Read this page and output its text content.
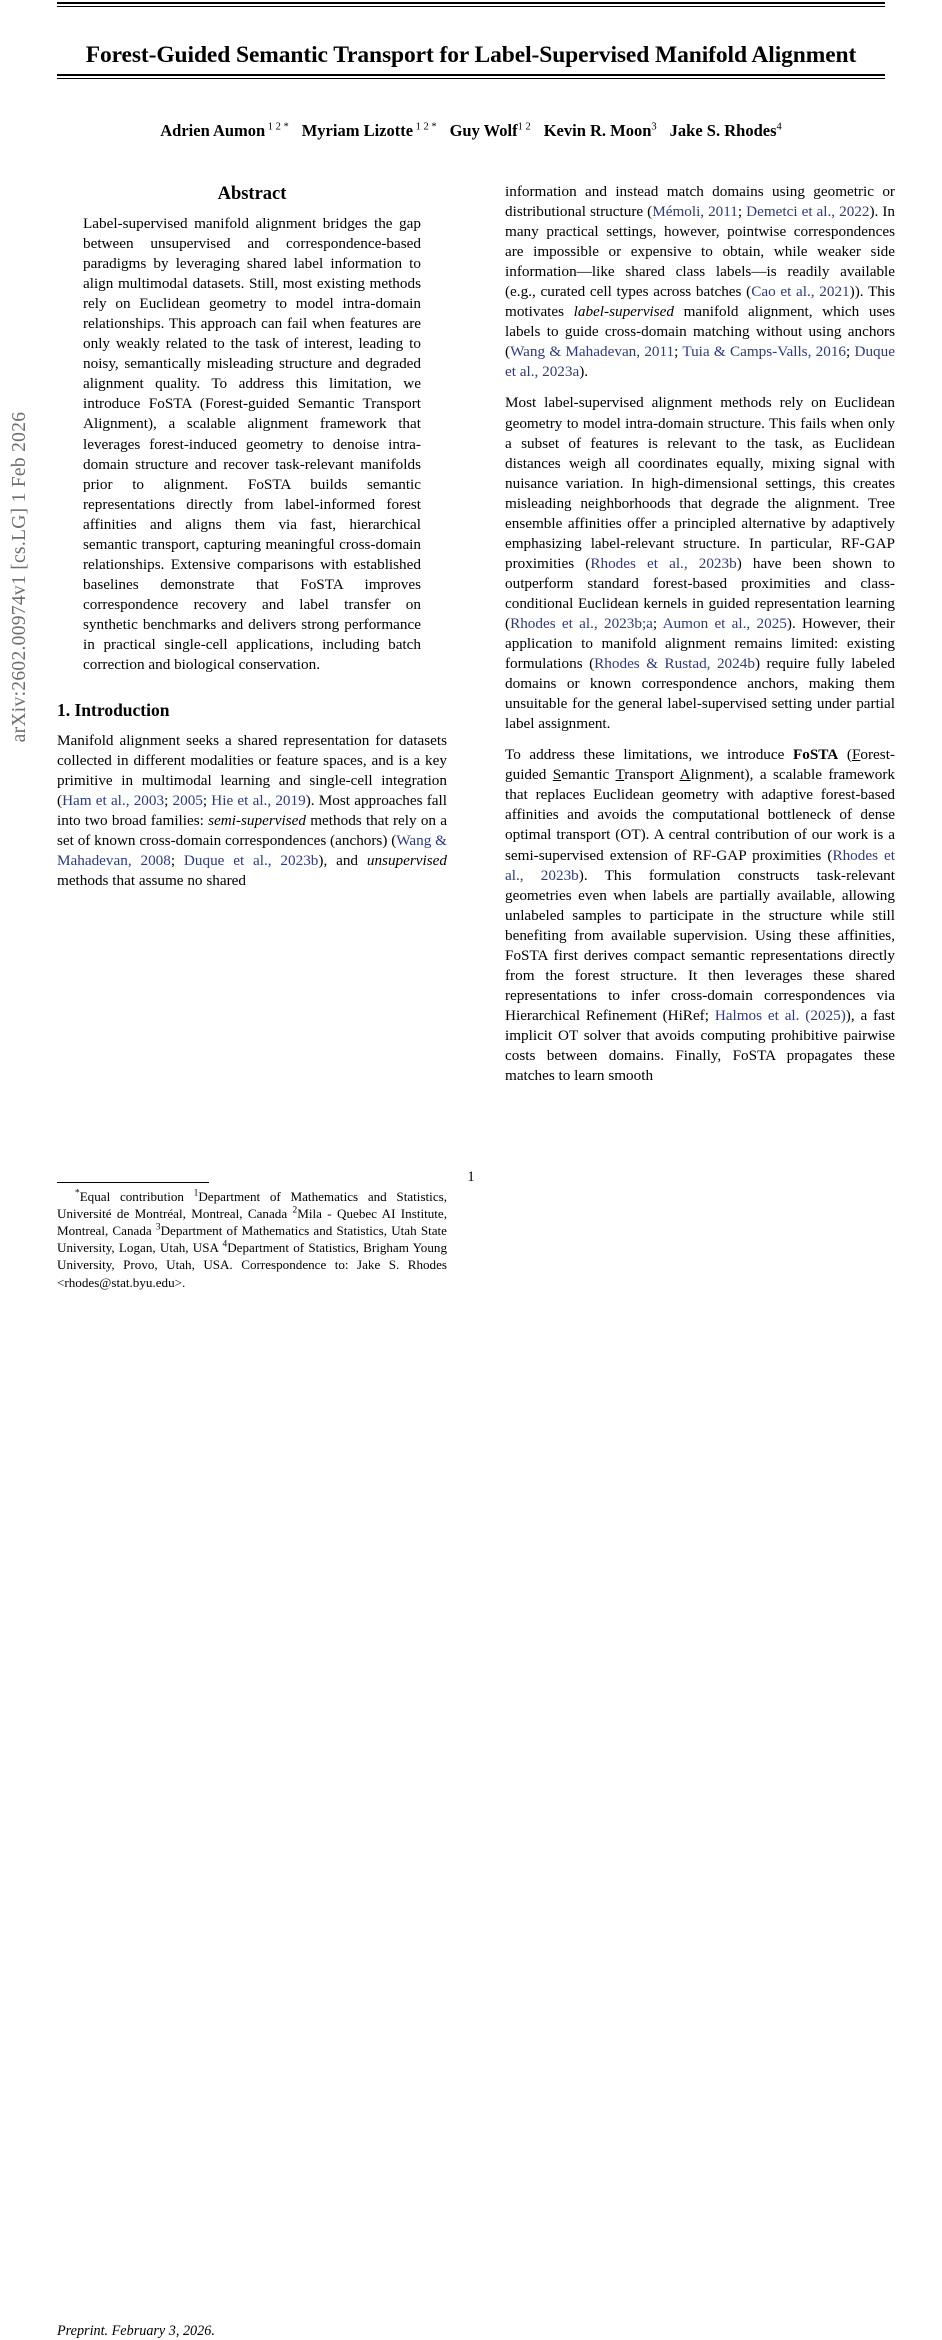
arXiv:2602.00974v1 [cs.LG] 1 Feb 2026
Forest-Guided Semantic Transport for Label-Supervised Manifold Alignment
Adrien Aumon $^{1 2 *}$ Myriam Lizotte $^{1 2 *}$ Guy Wolf$^{1 2}$ Kevin R. Moon$^3$ Jake S. Rhodes$^4$
Abstract

Label-supervised manifold alignment bridges the gap between unsupervised and correspondence-based paradigms by leveraging shared label information to align multimodal datasets. Still, most existing methods rely on Euclidean geometry to model intra-domain relationships. This approach can fail when features are only weakly related to the task of interest, leading to noisy, semantically misleading structure and degraded alignment quality. To address this limitation, we introduce FoSTA (Forest-guided Semantic Transport Alignment), a scalable alignment framework that leverages forest-induced geometry to denoise intra-domain structure and recover task-relevant manifolds prior to alignment. FoSTA builds semantic representations directly from label-informed forest affinities and aligns them via fast, hierarchical semantic transport, capturing meaningful cross-domain relationships. Extensive comparisons with established baselines demonstrate that FoSTA improves correspondence recovery and label transfer on synthetic benchmarks and delivers strong performance in practical single-cell applications, including batch correction and biological conservation.

1. Introduction

Manifold alignment seeks a shared representation for datasets collected in different modalities or feature spaces, and is a key primitive in multimodal learning and single-cell integration (Ham et al., 2003; 2005; Hie et al., 2019). Most approaches fall into two broad families: semi-supervised methods that rely on a set of known cross-domain correspondences (anchors) (Wang & Mahadevan, 2008; Duque et al., 2023b), and unsupervised methods that assume no shared

*Equal contribution $^1$Department of Mathematics and Statistics, Université de Montréal, Montreal, Canada $^2$Mila - Quebec AI Institute, Montreal, Canada $^3$Department of Mathematics and Statistics, Utah State University, Logan, Utah, USA $^4$Department of Statistics, Brigham Young University, Provo, Utah, USA. Correspondence to: Jake S. Rhodes <rhodes@stat.byu.edu>.

Preprint. February 3, 2026.

information and instead match domains using geometric or distributional structure (Mémoli, 2011; Demetci et al., 2022). In many practical settings, however, pointwise correspondences are impossible or expensive to obtain, while weaker side information—like shared class labels—is readily available (e.g., curated cell types across batches (Cao et al., 2021)). This motivates label-supervised manifold alignment, which uses labels to guide cross-domain matching without using anchors (Wang & Mahadevan, 2011; Tuia & Camps-Valls, 2016; Duque et al., 2023a).

Most label-supervised alignment methods rely on Euclidean geometry to model intra-domain structure. This fails when only a subset of features is relevant to the task, as Euclidean distances weigh all coordinates equally, mixing signal with nuisance variation. In high-dimensional settings, this creates misleading neighborhoods that degrade the alignment. Tree ensemble affinities offer a principled alternative by adaptively emphasizing label-relevant structure. In particular, RF-GAP proximities (Rhodes et al., 2023b) have been shown to outperform standard forest-based proximities and class-conditional Euclidean kernels in guided representation learning (Rhodes et al., 2023b;a; Aumon et al., 2025). However, their application to manifold alignment remains limited: existing formulations (Rhodes & Rustad, 2024b) require fully labeled domains or known correspondence anchors, making them unsuitable for the general label-supervised setting under partial label assignment.

To address these limitations, we introduce FoSTA (Forest-guided Semantic Transport Alignment), a scalable framework that replaces Euclidean geometry with adaptive forest-based affinities and avoids the computational bottleneck of dense optimal transport (OT). A central contribution of our work is a semi-supervised extension of RF-GAP proximities (Rhodes et al., 2023b). This formulation constructs task-relevant geometries even when labels are partially available, allowing unlabeled samples to participate in the structure while still benefiting from available supervision. Using these affinities, FoSTA first derives compact semantic representations directly from the forest structure. It then leverages these shared representations to infer cross-domain correspondences via Hierarchical Refinement (HiRef; Halmos et al. (2025)), a fast implicit OT solver that avoids computing prohibitive pairwise costs between domains. Finally, FoSTA propagates these matches to learn smooth

1
